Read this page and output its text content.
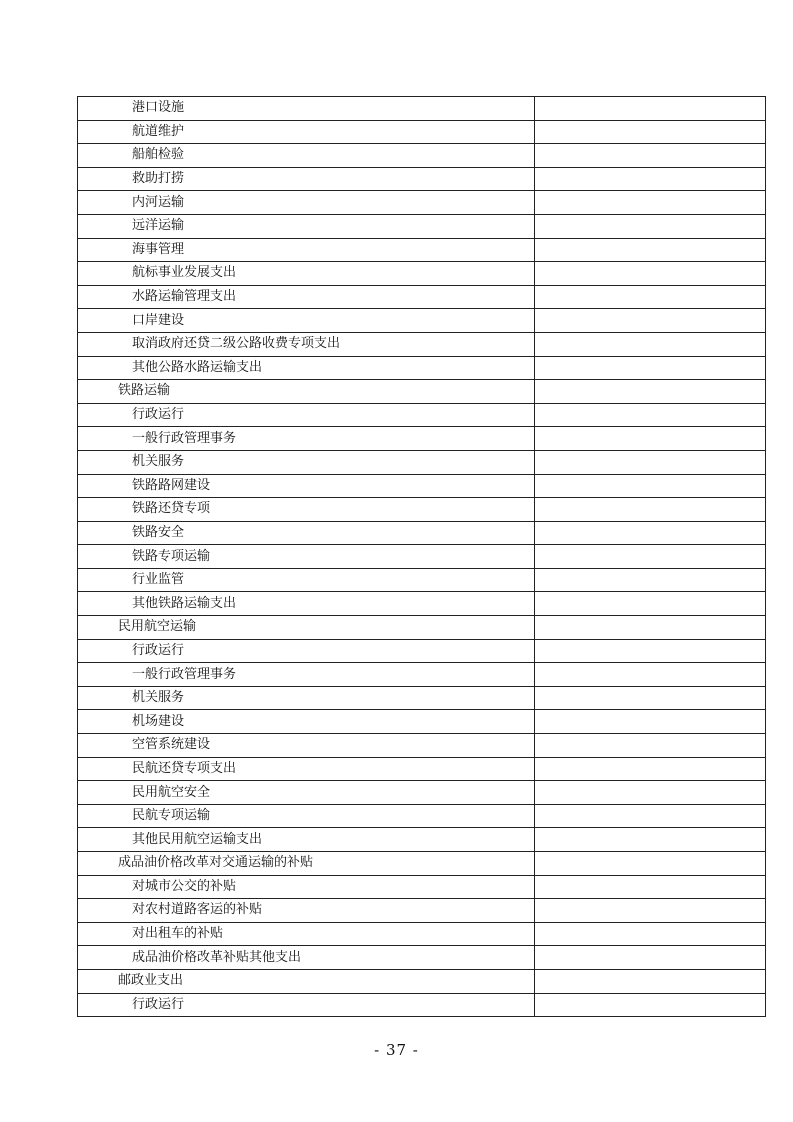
港口设施	
航道维护	
船舶检验	
救助打捞	
内河运输	
远洋运输	
海事管理	
航标事业发展支出	
水路运输管理支出	
口岸建设	
取消政府还贷二级公路收费专项支出	
其他公路水路运输支出	
铁路运输	
行政运行	
一般行政管理事务	
机关服务	
铁路路网建设	
铁路还贷专项	
铁路安全	
铁路专项运输	
行业监管	
其他铁路运输支出	
民用航空运输	
行政运行	
一般行政管理事务	
机关服务	
机场建设	
空管系统建设	
民航还贷专项支出	
民用航空安全	
民航专项运输	
其他民用航空运输支出	
成品油价格改革对交通运输的补贴	
对城市公交的补贴	
对农村道路客运的补贴	
对出租车的补贴	
成品油价格改革补贴其他支出	
邮政业支出	
行政运行	
- 37 -
